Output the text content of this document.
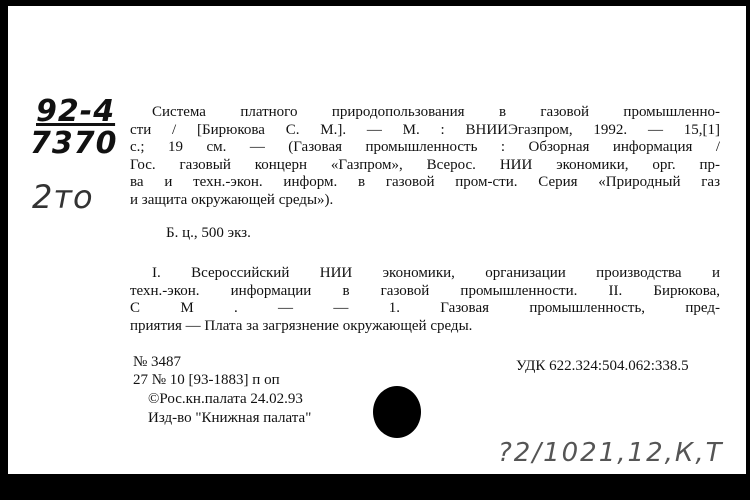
92-4
7370
2то
Система платного природопользования в газовой промышленно-
сти / [Бирюкова С. М.]. — М. : ВНИИЭгазпром, 1992. — 15,[1]
с.; 19 см. — (Газовая промышленность : Обзорная информация /
Гос. газовый концерн «Газпром», Всерос. НИИ экономики, орг. пр-
ва и техн.-экон. информ. в газовой пром-сти. Серия «Природный газ
и защита окружающей среды»).
Б. ц., 500 экз.
I. Всероссийский НИИ экономики, организации производства и
техн.-экон. информации в газовой промышленности. II. Бирюкова,
С М . — — 1. Газовая промышленность, пред-
приятия — Плата за загрязнение окружающей среды.
№ 3487	УДК 622.324:504.062:338.5
27 № 10 [93-1883] п оп
©Рос.кн.палата 24.02.93
Изд-во "Книжная палата"
?2/1021,12,К,Т
